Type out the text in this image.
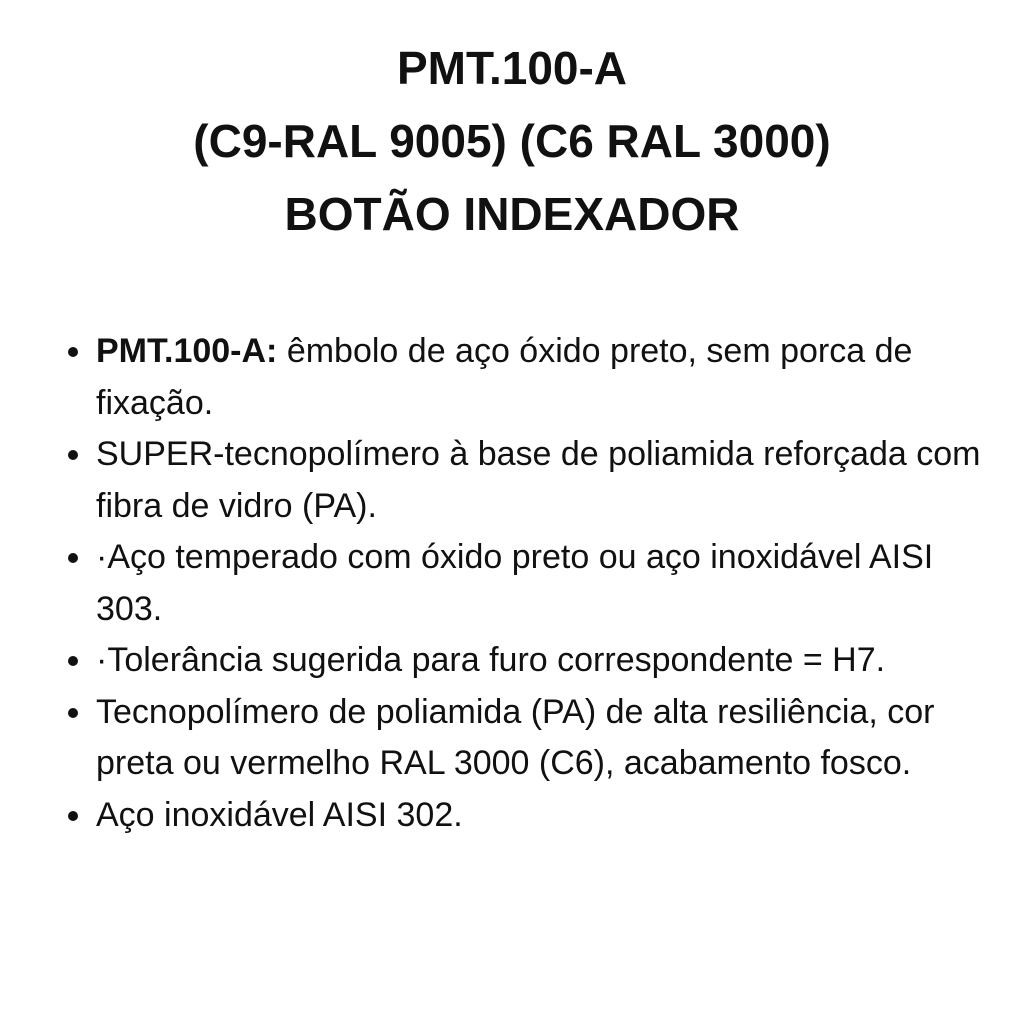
PMT.100-A
(C9-RAL 9005) (C6 RAL 3000)
BOTÃO INDEXADOR
PMT.100-A: êmbolo de aço óxido preto, sem porca de fixação.
SUPER-tecnopolímero à base de poliamida reforçada com fibra de vidro (PA).
·Aço temperado com óxido preto ou aço inoxidável AISI 303.
·Tolerância sugerida para furo correspondente = H7.
Tecnopolímero de poliamida (PA) de alta resiliência, cor preta ou vermelho RAL 3000 (C6), acabamento fosco.
Aço inoxidável AISI 302.
